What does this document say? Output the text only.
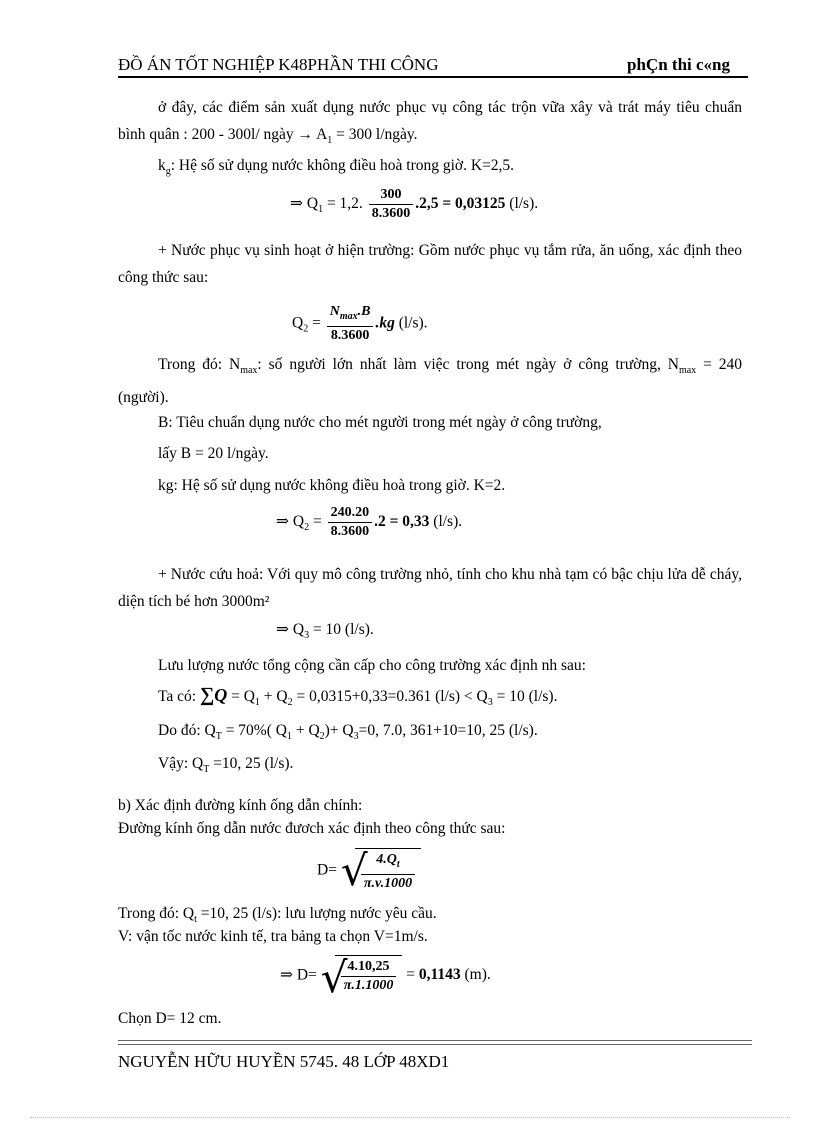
ĐỒ ÁN TỐT NGHIỆP K48PHẦN THI CÔNG	phÇn thi c«ng
ở đây, các điểm sản xuất dụng nước phục vụ công tác trộn vữa xây và trát máy tiêu chuẩn bình quân : 200 - 300l/ ngày → $A_1 = 300$ l/ngày.
$k_g$: Hệ số sử dụng nước không điều hoà trong giờ. K=2,5.
⇒ $Q_1 = 1,2$. $\frac{300}{8.3600} .2,5 = 0,03125$ (l/s).
+ Nước phục vụ sinh hoạt ở hiện trường: Gồm nước phục vụ tắm rửa, ăn uống, xác định theo công thức sau:
$Q_2 = \frac{N_{max}.B}{8.3600} .kg$ (l/s).
Trong đó: $N_{max}$: số người lớn nhất làm việc trong mét ngày ở công trường, $N_{max} = 240$ (người).
B: Tiêu chuẩn dụng nước cho mét người trong mét ngày ở công trường,
lấy B = 20 l/ngày.
kg: Hệ số sử dụng nước không điều hoà trong giờ. K=2.
⇒ $Q_2 = \frac{240.20}{8.3600} .2 = 0,33$ (l/s).
+ Nước cứu hoả: Với quy mô công trường nhỏ, tính cho khu nhà tạm có bậc chịu lửa dễ cháy, diện tích bé hơn 3000m²
⇒ $Q_3 = 10$ (l/s).
Lưu lượng nước tổng cộng cần cấp cho công trường xác định nh sau:
Ta có: $\sum Q = Q_1 + Q_2 = 0,0315+0,33=0.361$ $(l/s) < Q_3 = 10$ (l/s).
Do đó: $Q_T = 70\%$( $Q_1 + Q_2)+ Q_3=0$, 7.0, 361+10=10, 25 (l/s).
Vậy: $Q_T =10$, 25 (l/s).
b) Xác định đường kính ống dẫn chính:
Đường kính ống dẫn nước đươch xác định theo công thức sau:
D= √
$\frac{4.Q_t}{\pi.v.1000}$
Trong đó: $Q_t =10$, 25 (l/s): lưu lượng nước yêu cầu.
V: vận tốc nước kinh tế, tra bảng ta chọn V=1m/s.
⇒ D= √
$\frac{4.10,25}{\pi.1.1000} = 0,1143$ (m).
Chọn D= 12 cm.
NGUYỄN HỮU HUYỀN 5745. 48 LỚP 48XD1
